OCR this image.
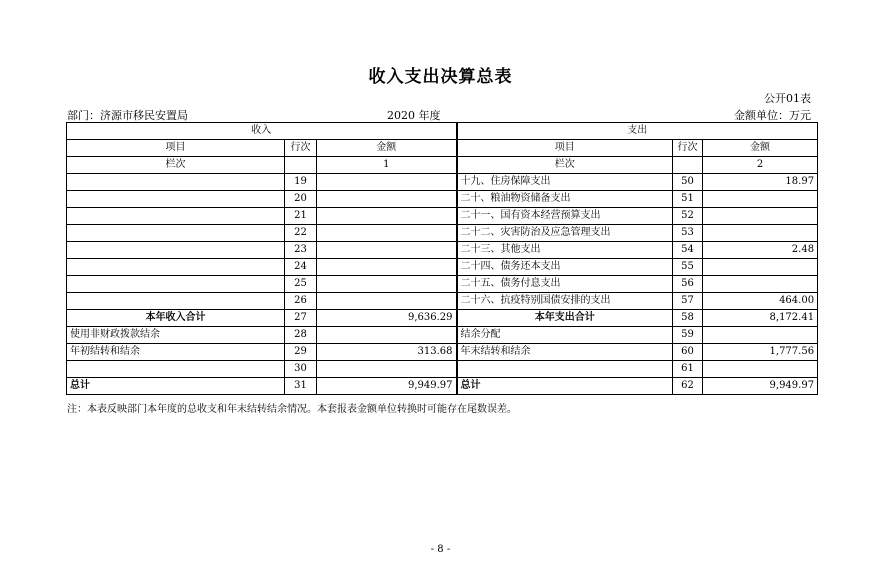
收入支出决算总表
公开01表
部门：济源市移民安置局	2020 年度	金额单位：万元
收入			支出		
项目	行次	金额	项目	行次	金额
栏次		1	栏次		2
	19		十九、住房保障支出	50	18.97
	20		二十、粮油物资储备支出	51	
	21		二十一、国有资本经营预算支出	52	
	22		二十二、灾害防治及应急管理支出	53	
	23		二十三、其他支出	54	2.48
	24		二十四、债务还本支出	55	
	25		二十五、债务付息支出	56	
	26		二十六、抗疫特别国债安排的支出	57	464.00
本年收入合计	27	9,636.29	本年支出合计	58	8,172.41
使用非财政拨款结余	28		结余分配	59	
年初结转和结余	29	313.68	年末结转和结余	60	1,777.56
	30			61	
总计	31	9,949.97	总计	62	9,949.97
注：本表反映部门本年度的总收支和年末结转结余情况。本套报表金额单位转换时可能存在尾数误差。
- 8 -
